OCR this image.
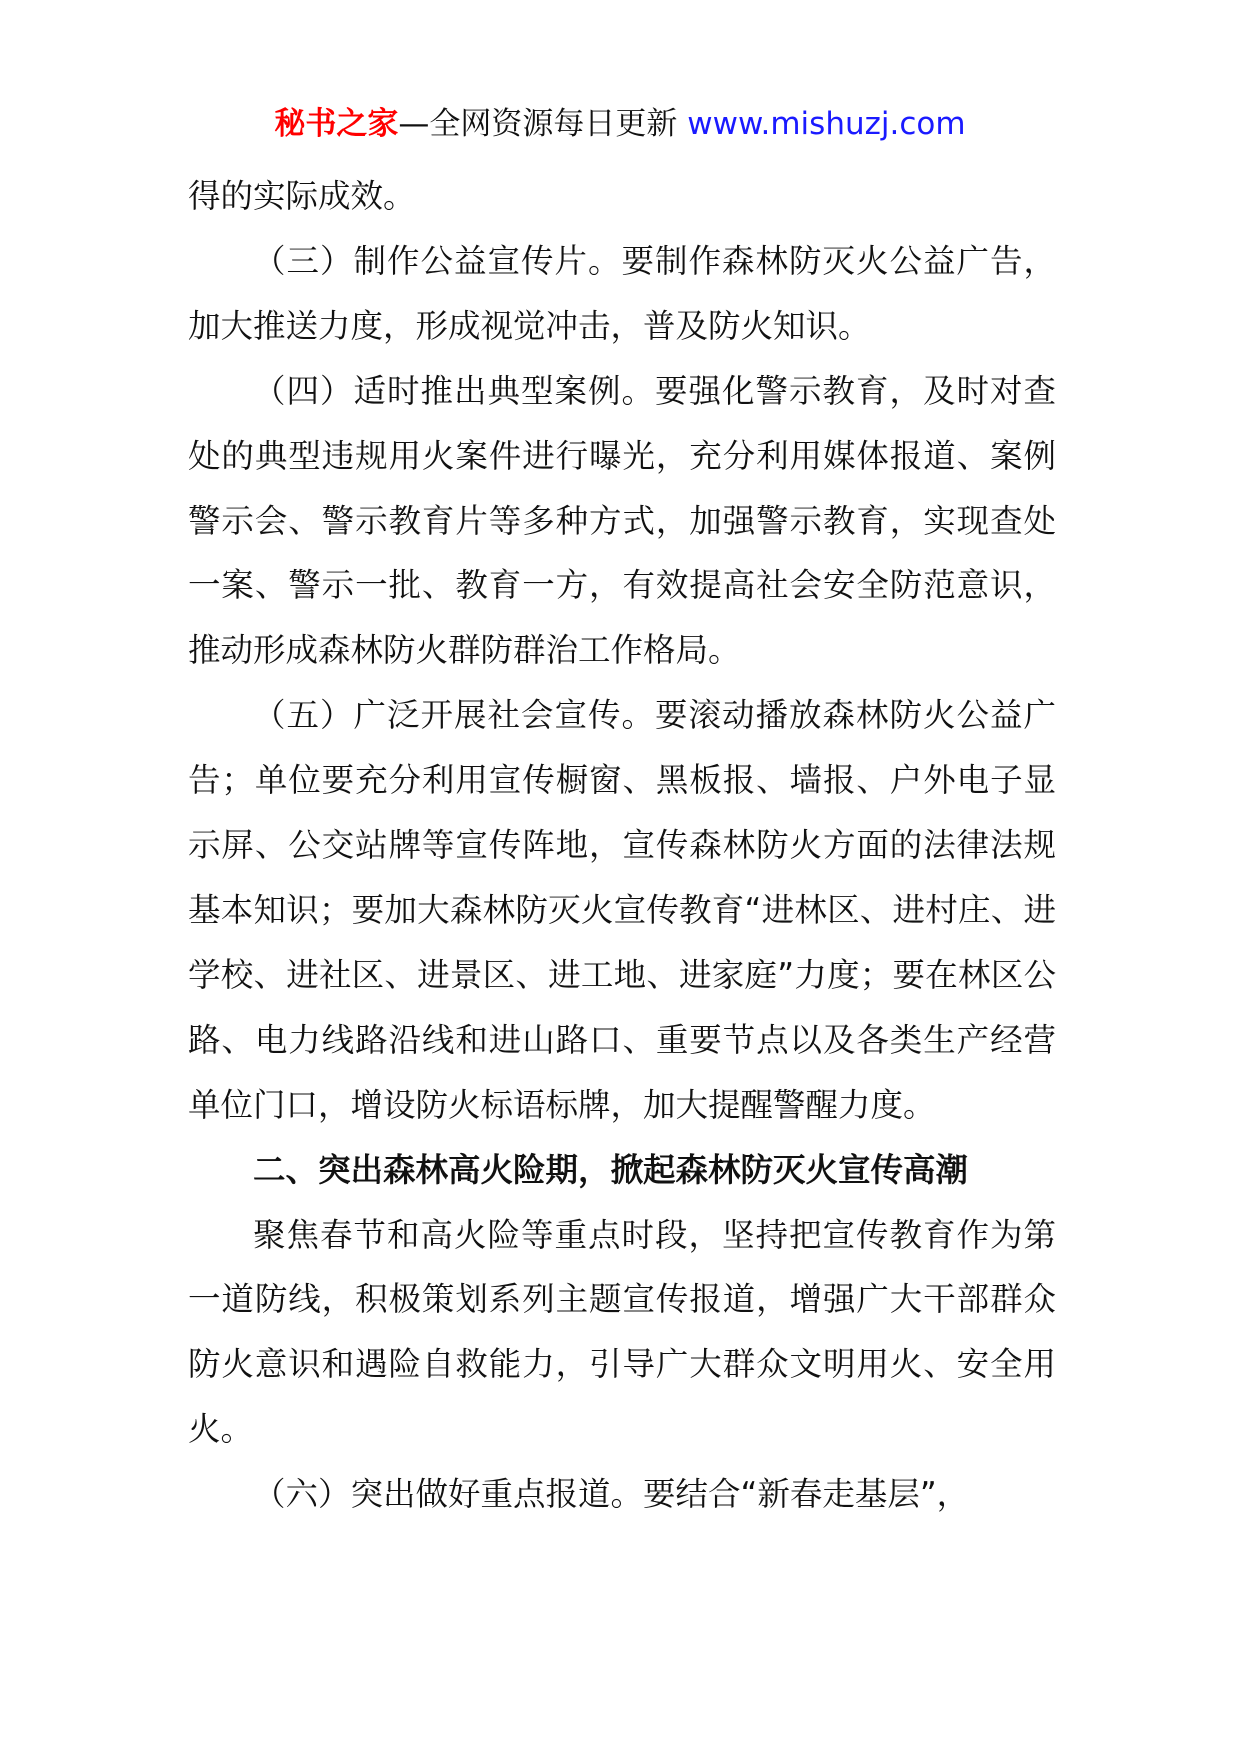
秘书之家—全网资源每日更新 www.mishuzj.com

得的实际成效。

（三）制作公益宣传片。要制作森林防灭火公益广告，加大推送力度，形成视觉冲击，普及防火知识。

（四）适时推出典型案例。要强化警示教育，及时对查处的典型违规用火案件进行曝光，充分利用媒体报道、案例警示会、警示教育片等多种方式，加强警示教育，实现查处一案、警示一批、教育一方，有效提高社会安全防范意识，推动形成森林防火群防群治工作格局。

（五）广泛开展社会宣传。要滚动播放森林防火公益广告；单位要充分利用宣传橱窗、黑板报、墙报、户外电子显示屏、公交站牌等宣传阵地，宣传森林防火方面的法律法规基本知识；要加大森林防灭火宣传教育“进林区、进村庄、进学校、进社区、进景区、进工地、进家庭”力度；要在林区公路、电力线路沿线和进山路口、重要节点以及各类生产经营单位门口，增设防火标语标牌，加大提醒警醒力度。

二、突出森林高火险期，掀起森林防灭火宣传高潮

聚焦春节和高火险等重点时段，坚持把宣传教育作为第一道防线，积极策划系列主题宣传报道，增强广大干部群众防火意识和遇险自救能力，引导广大群众文明用火、安全用火。

（六）突出做好重点报道。要结合“新春走基层”，
